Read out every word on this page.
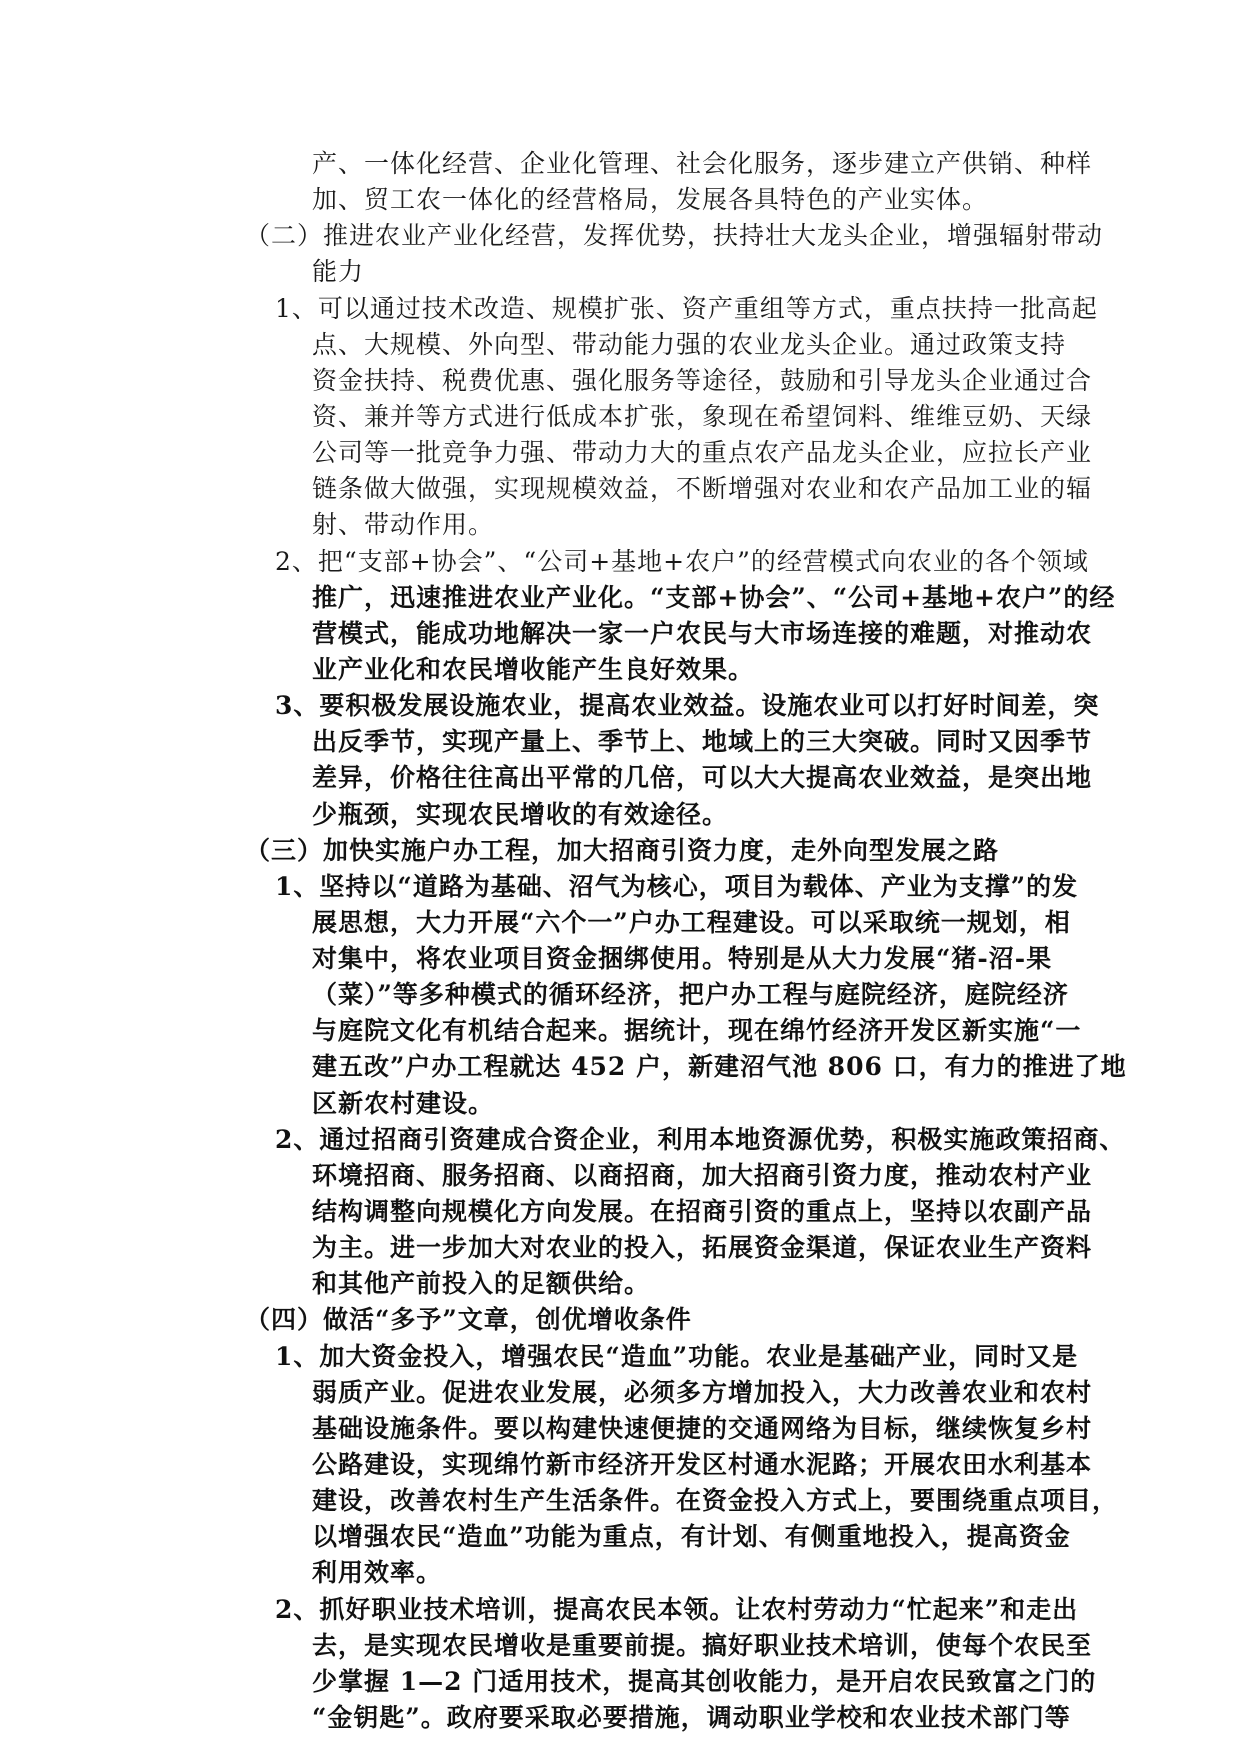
产、一体化经营、企业化管理、社会化服务，逐步建立产供销、种样
加、贸工农一体化的经营格局，发展各具特色的产业实体。
（二）推进农业产业化经营，发挥优势，扶持壮大龙头企业，增强辐射带动
能力
1、可以通过技术改造、规模扩张、资产重组等方式，重点扶持一批高起
点、大规模、外向型、带动能力强的农业龙头企业。通过政策支持
资金扶持、税费优惠、强化服务等途径，鼓励和引导龙头企业通过合
资、兼并等方式进行低成本扩张，象现在希望饲料、维维豆奶、天绿
公司等一批竞争力强、带动力大的重点农产品龙头企业，应拉长产业
链条做大做强，实现规模效益，不断增强对农业和农产品加工业的辐
射、带动作用。
2、把“支部+协会”、“公司+基地+农户”的经营模式向农业的各个领域
推广，迅速推进农业产业化。“支部+协会”、“公司+基地+农户”的经
营模式，能成功地解决一家一户农民与大市场连接的难题，对推动农
业产业化和农民增收能产生良好效果。
3、要积极发展设施农业，提高农业效益。设施农业可以打好时间差，突
出反季节，实现产量上、季节上、地域上的三大突破。同时又因季节
差异，价格往往高出平常的几倍，可以大大提高农业效益，是突出地
少瓶颈，实现农民增收的有效途径。
（三）加快实施户办工程，加大招商引资力度，走外向型发展之路
1、坚持以“道路为基础、沼气为核心，项目为载体、产业为支撑”的发
展思想，大力开展“六个一”户办工程建设。可以采取统一规划，相
对集中，将农业项目资金捆绑使用。特别是从大力发展“猪-沼-果
（菜）”等多种模式的循环经济，把户办工程与庭院经济，庭院经济
与庭院文化有机结合起来。据统计，现在绵竹经济开发区新实施“一
建五改”户办工程就达 452 户，新建沼气池 806 口，有力的推进了地
区新农村建设。
2、通过招商引资建成合资企业，利用本地资源优势，积极实施政策招商、
环境招商、服务招商、以商招商，加大招商引资力度，推动农村产业
结构调整向规模化方向发展。在招商引资的重点上，坚持以农副产品
为主。进一步加大对农业的投入，拓展资金渠道，保证农业生产资料
和其他产前投入的足额供给。
（四）做活“多予”文章，创优增收条件
1、加大资金投入，增强农民“造血”功能。农业是基础产业，同时又是
弱质产业。促进农业发展，必须多方增加投入，大力改善农业和农村
基础设施条件。要以构建快速便捷的交通网络为目标，继续恢复乡村
公路建设，实现绵竹新市经济开发区村通水泥路；开展农田水利基本
建设，改善农村生产生活条件。在资金投入方式上，要围绕重点项目，
以增强农民“造血”功能为重点，有计划、有侧重地投入，提高资金
利用效率。
2、抓好职业技术培训，提高农民本领。让农村劳动力“忙起来”和走出
去，是实现农民增收是重要前提。搞好职业技术培训，使每个农民至
少掌握 1—2 门适用技术，提高其创收能力，是开启农民致富之门的
“金钥匙”。政府要采取必要措施，调动职业学校和农业技术部门等
